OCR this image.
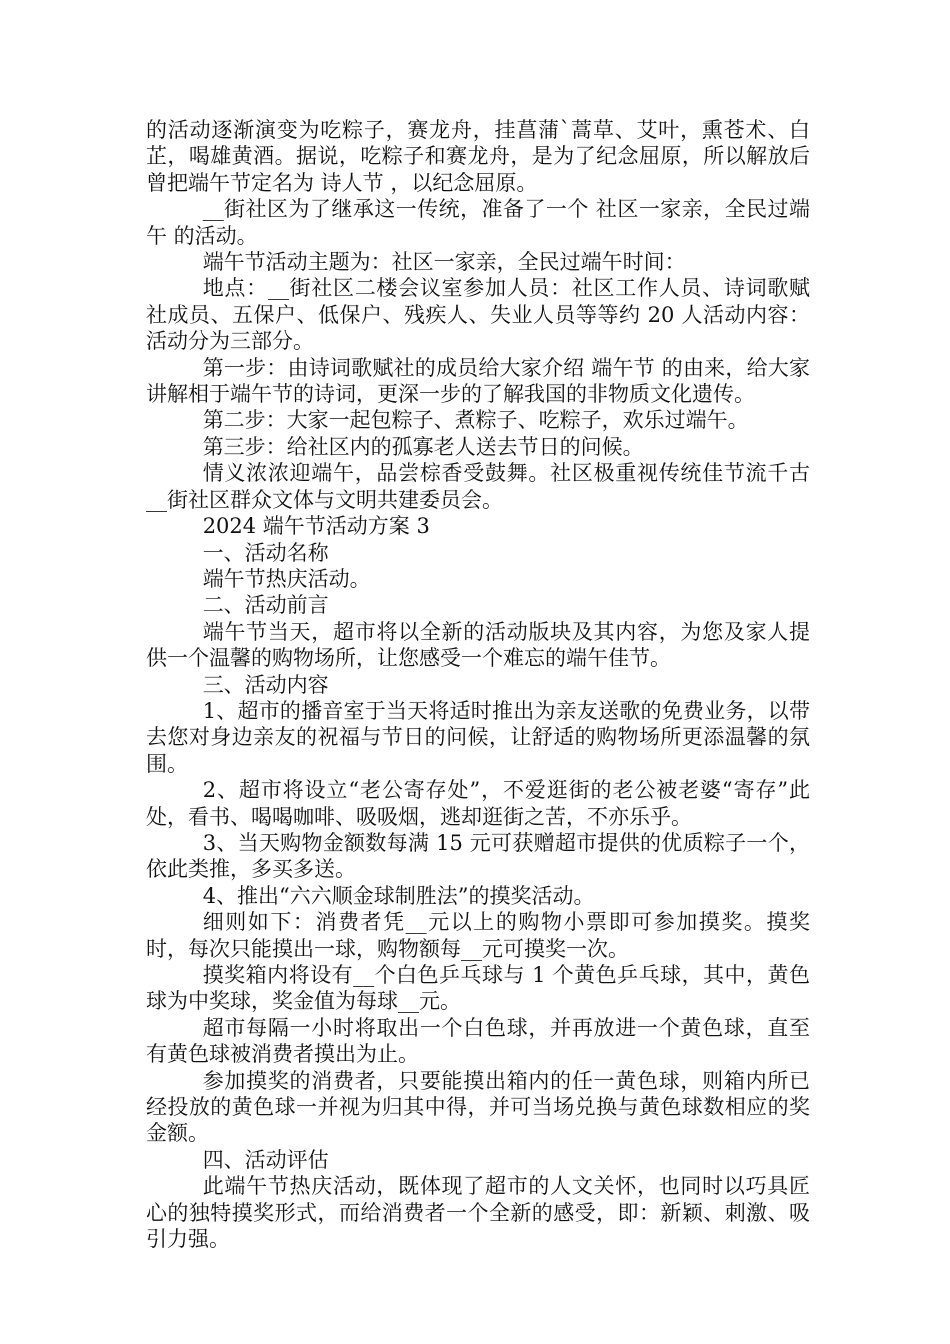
的活动逐渐演变为吃粽子，赛龙舟，挂菖蒲`蒿草、艾叶，熏苍术、白芷，喝雄黄酒。据说，吃粽子和赛龙舟，是为了纪念屈原，所以解放后曾把端午节定名为 诗人节 ，以纪念屈原。

__街社区为了继承这一传统，准备了一个 社区一家亲，全民过端午 的活动。

端午节活动主题为：社区一家亲，全民过端午时间：

地点：__街社区二楼会议室参加人员：社区工作人员、诗词歌赋社成员、五保户、低保户、残疾人、失业人员等等约 20 人活动内容：活动分为三部分。

第一步：由诗词歌赋社的成员给大家介绍 端午节 的由来，给大家讲解相于端午节的诗词，更深一步的了解我国的非物质文化遗传。

第二步：大家一起包粽子、煮粽子、吃粽子，欢乐过端午。

第三步：给社区内的孤寡老人送去节日的问候。

情义浓浓迎端午，品尝棕香受鼓舞。社区极重视传统佳节流千古__街社区群众文体与文明共建委员会。

2024 端午节活动方案 3

一、活动名称

端午节热庆活动。

二、活动前言

端午节当天，超市将以全新的活动版块及其内容，为您及家人提供一个温馨的购物场所，让您感受一个难忘的端午佳节。

三、活动内容

1、超市的播音室于当天将适时推出为亲友送歌的免费业务，以带去您对身边亲友的祝福与节日的问候，让舒适的购物场所更添温馨的氛围。

2、超市将设立“老公寄存处”，不爱逛街的老公被老婆“寄存”此处，看书、喝喝咖啡、吸吸烟，逃却逛街之苦，不亦乐乎。

3、当天购物金额数每满 15 元可获赠超市提供的优质粽子一个，依此类推，多买多送。

4、推出“六六顺金球制胜法”的摸奖活动。

细则如下：消费者凭__元以上的购物小票即可参加摸奖。摸奖时，每次只能摸出一球，购物额每__元可摸奖一次。

摸奖箱内将设有__个白色乒乓球与 1 个黄色乒乓球，其中，黄色球为中奖球，奖金值为每球__元。

超市每隔一小时将取出一个白色球，并再放进一个黄色球，直至有黄色球被消费者摸出为止。

参加摸奖的消费者，只要能摸出箱内的任一黄色球，则箱内所已经投放的黄色球一并视为归其中得，并可当场兑换与黄色球数相应的奖金额。

四、活动评估

此端午节热庆活动，既体现了超市的人文关怀，也同时以巧具匠心的独特摸奖形式，而给消费者一个全新的感受，即：新颖、刺激、吸引力强。
